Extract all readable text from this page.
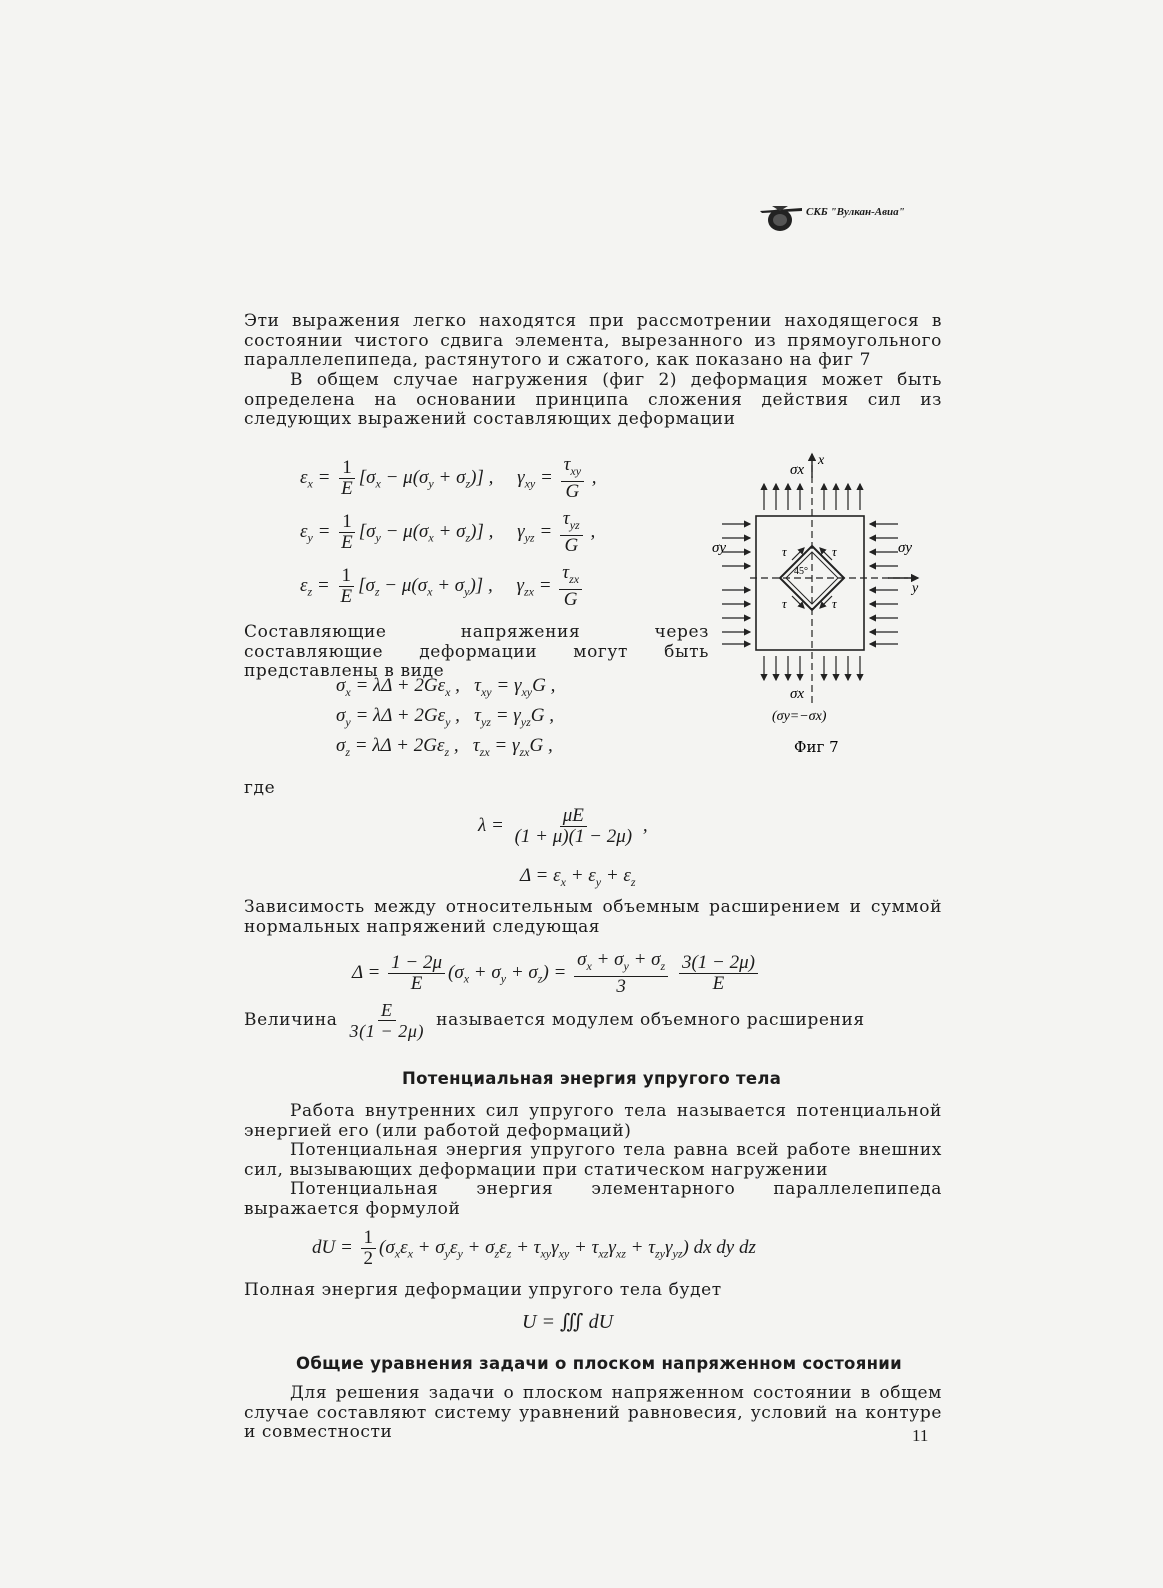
СКБ "Вулкан-Авиа"
Эти выражения легко находятся при рассмотрении находящегося в состоянии чистого сдвига элемента, вырезанного из прямоугольного параллелепипеда, растянутого и сжатого, как показано на фиг 7
В общем случае нагружения (фиг 2) деформация может быть определена на основании принципа сложения действия сил из следующих выражений составляющих деформации
$\varepsilon_x = \frac{1}{E} [\sigma_x - \mu(\sigma_y + \sigma_z)]$ ,     $\gamma_{xy} = \frac{\tau_{xy}}{G}$ ,
$\varepsilon_y = \frac{1}{E} [\sigma_y - \mu(\sigma_x + \sigma_z)]$ ,     $\gamma_{yz} = \frac{\tau_{yz}}{G}$ ,
$\varepsilon_z = \frac{1}{E} [\sigma_z - \mu(\sigma_x + \sigma_y)]$ ,     $\gamma_{zx} = \frac{\tau_{zx}}{G}$
Составляющие напряжения через составляющие деформации могут быть представлены в виде
$\sigma_x = \lambda\Delta + 2G\varepsilon_x$ ,   $\tau_{xy} = \gamma_{xy}G$ ,
$\sigma_y = \lambda\Delta + 2G\varepsilon_y$ ,   $\tau_{yz} = \gamma_{yz}G$ ,
$\sigma_z = \lambda\Delta + 2G\varepsilon_z$ ,   $\tau_{zx} = \gamma_{zx}G$ ,
σx
x
σy	σy
y
τ	τ
τ	τ
45°
σx
(σy=−σx)
Фиг 7
где
$\lambda = \frac{\mu E}{(1 + \mu)(1 - 2\mu)}$ ,
$\Delta = \varepsilon_x + \varepsilon_y + \varepsilon_z$
Зависимость между относительным объемным расширением и суммой нормальных напряжений следующая
$\Delta = \frac{1 - 2\mu}{E} (\sigma_x + \sigma_y + \sigma_z) = \frac{\sigma_x + \sigma_y + \sigma_z}{3}$
$\frac{3(1 - 2\mu)}{E}$
Величина $\frac{E}{3(1 - 2\mu)}$ называется модулем объемного расширения
Потенциальная энергия упругого тела
Работа внутренних сил упругого тела называется потенциальной энергией его (или работой деформаций)
Потенциальная энергия упругого тела равна всей работе внешних сил, вызывающих деформации при статическом нагружении
Потенциальная энергия элементарного параллелепипеда выражается формулой
dU = $\frac{1}{2} (\sigma_x\varepsilon_x + \sigma_y\varepsilon_y + \sigma_z\varepsilon_z + \tau_{xy}\gamma_{xy} + \tau_{xz}\gamma_{xz} + \tau_{zy}\gamma_{yz})$ dx dy dz
Полная энергия деформации упругого тела будет
U = ∭ dU
Общие уравнения задачи о плоском напряженном состоянии
Для решения задачи о плоском напряженном состоянии в общем случае составляют систему уравнений равновесия, условий на контуре и совместности	11
